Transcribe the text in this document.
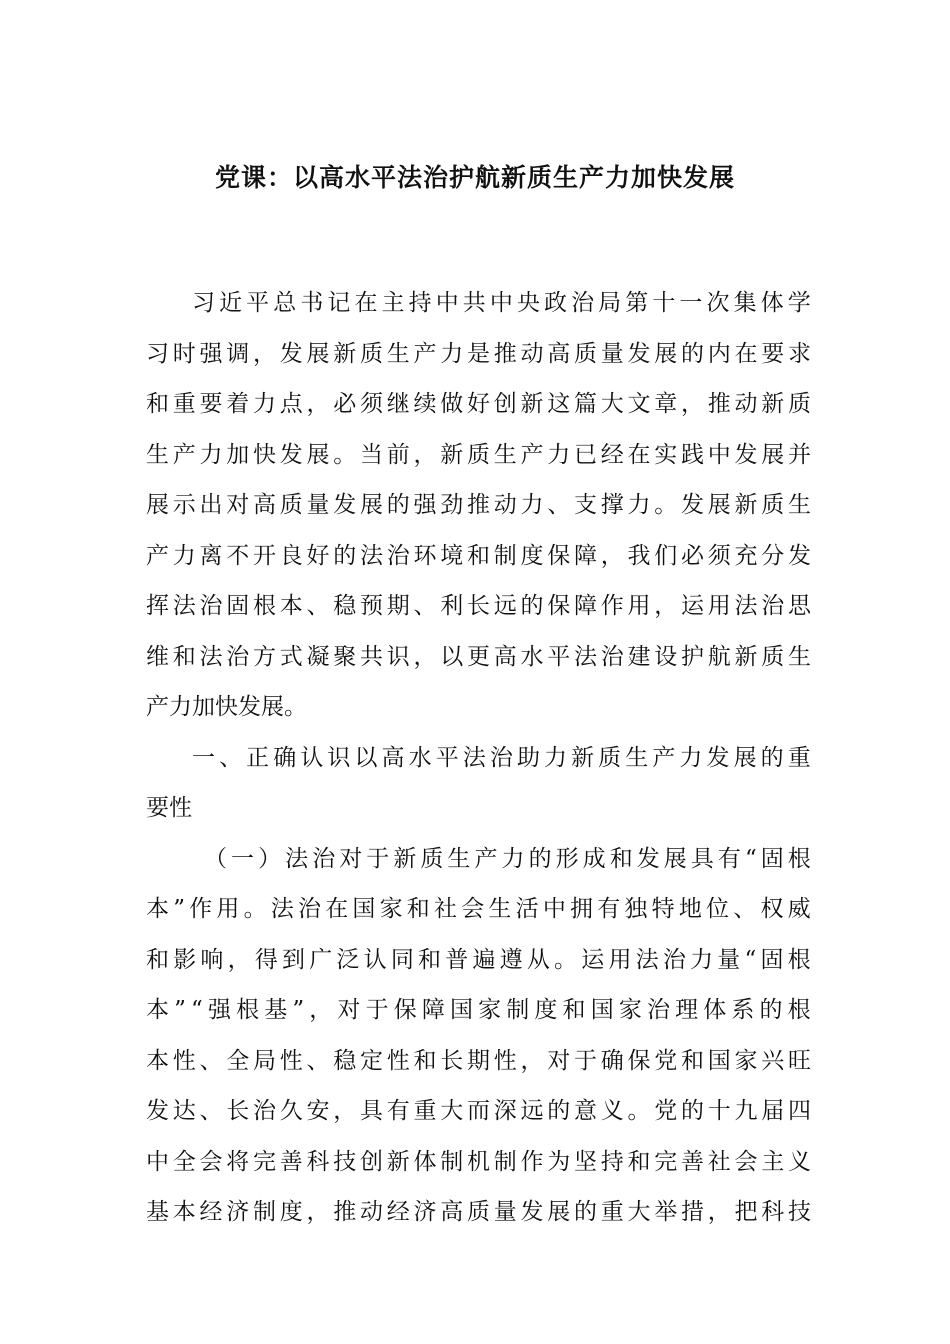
党课：以高水平法治护航新质生产力加快发展
习 近 平 总 书 记 在 主 持 中 共 中 央 政 治 局 第 十 一 次 集 体 学
习 时 强 调 ， 发 展 新 质 生 产 力 是 推 动 高 质 量 发 展 的 内 在 要 求
和 重 要 着 力 点 ， 必 须 继 续 做 好 创 新 这 篇 大 文 章 ， 推 动 新 质
生 产 力 加 快 发 展 。 当 前 ， 新 质 生 产 力 已 经 在 实 践 中 发 展 并
展 示 出 对 高 质 量 发 展 的 强 劲 推 动 力 、 支 撑 力 。 发 展 新 质 生
产 力 离 不 开 良 好 的 法 治 环 境 和 制 度 保 障 ， 我 们 必 须 充 分 发
挥 法 治 固 根 本 、 稳 预 期 、 利 长 远 的 保 障 作 用 ， 运 用 法 治 思
维 和 法 治 方 式 凝 聚 共 识 ， 以 更 高 水 平 法 治 建 设 护 航 新 质 生
产力加快发展。
一 、 正 确 认 识 以 高 水 平 法 治 助 力 新 质 生 产 力 发 展 的 重
要性
（ 一 ） 法 治 对 于 新 质 生 产 力 的 形 成 和 发 展 具 有 “ 固 根
本 ” 作 用 。 法 治 在 国 家 和 社 会 生 活 中 拥 有 独 特 地 位 、 权 威
和 影 响 ， 得 到 广 泛 认 同 和 普 遍 遵 从 。 运 用 法 治 力 量 “ 固 根
本 ” “ 强 根 基 ” ， 对 于 保 障 国 家 制 度 和 国 家 治 理 体 系 的 根
本 性 、 全 局 性 、 稳 定 性 和 长 期 性 ， 对 于 确 保 党 和 国 家 兴 旺
发 达 、 长 治 久 安 ， 具 有 重 大 而 深 远 的 意 义 。 党 的 十 九 届 四
中 全 会 将 完 善 科 技 创 新 体 制 机 制 作 为 坚 持 和 完 善 社 会 主 义
基 本 经 济 制 度 ， 推 动 经 济 高 质 量 发 展 的 重 大 举 措 ， 把 科 技
